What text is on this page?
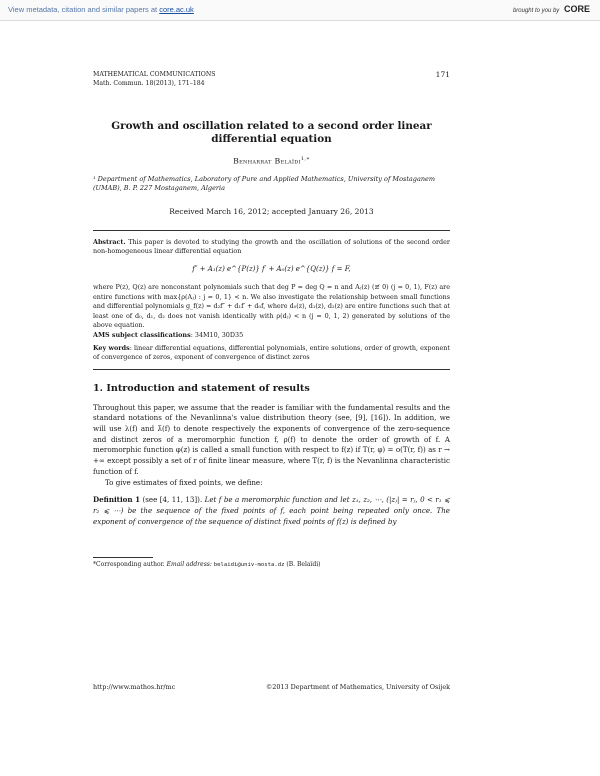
View metadata, citation and similar papers at core.ac.uk	brought to you by CORE
MATHEMATICAL COMMUNICATIONS
Math. Commun. 18(2013), 171–184
171
Growth and oscillation related to a second order linear differential equation
Benharrat Belaïdi$^{1,∗}$
¹ Department of Mathematics, Laboratory of Pure and Applied Mathematics, University of Mostaganem (UMAB), B. P. 227 Mostaganem, Algeria
Received March 16, 2012; accepted January 26, 2013
Abstract. This paper is devoted to studying the growth and the oscillation of solutions of the second order non-homogeneous linear differential equation
f″ + A₁(z) e^{P(z)} f′ + A₀(z) e^{Q(z)} f = F,
where P(z), Q(z) are nonconstant polynomials such that deg P = deg Q = n and Aⱼ(z) (≢ 0) (j = 0, 1), F(z) are entire functions with max{ρ(Aⱼ) : j = 0, 1} < n. We also investigate the relationship between small functions and differential polynomials g_f(z) = d₂f″ + d₁f′ + d₀f, where d₀(z), d₁(z), d₂(z) are entire functions such that at least one of d₀, d₁, d₂ does not vanish identically with ρ(dⱼ) < n (j = 0, 1, 2) generated by solutions of the above equation.
AMS subject classifications: 34M10, 30D35
Key words: linear differential equations, differential polynomials, entire solutions, order of growth, exponent of convergence of zeros, exponent of convergence of distinct zeros
1. Introduction and statement of results
Throughout this paper, we assume that the reader is familiar with the fundamental results and the standard notations of the Nevanlinna's value distribution theory (see, [9], [16]). In addition, we will use λ(f) and λ̄(f) to denote respectively the exponents of convergence of the zero-sequence and distinct zeros of a meromorphic function f, ρ(f) to denote the order of growth of f. A meromorphic function φ(z) is called a small function with respect to f(z) if T(r, φ) = o(T(r, f)) as r → +∞ except possibly a set of r of finite linear measure, where T(r, f) is the Nevanlinna characteristic function of f.
To give estimates of fixed points, we define:
Definition 1 (see [4, 11, 13]). Let f be a meromorphic function and let z₁, z₂, ⋯, (|zⱼ| = rⱼ, 0 < r₁ ⩽ r₂ ⩽ ⋯) be the sequence of the fixed points of f, each point being repeated only once. The exponent of convergence of the sequence of distinct fixed points of f(z) is defined by
*Corresponding author. Email address: belaidi@univ-mosta.dz (B. Belaïdi)
http://www.mathos.hr/mc	©2013 Department of Mathematics, University of Osijek
